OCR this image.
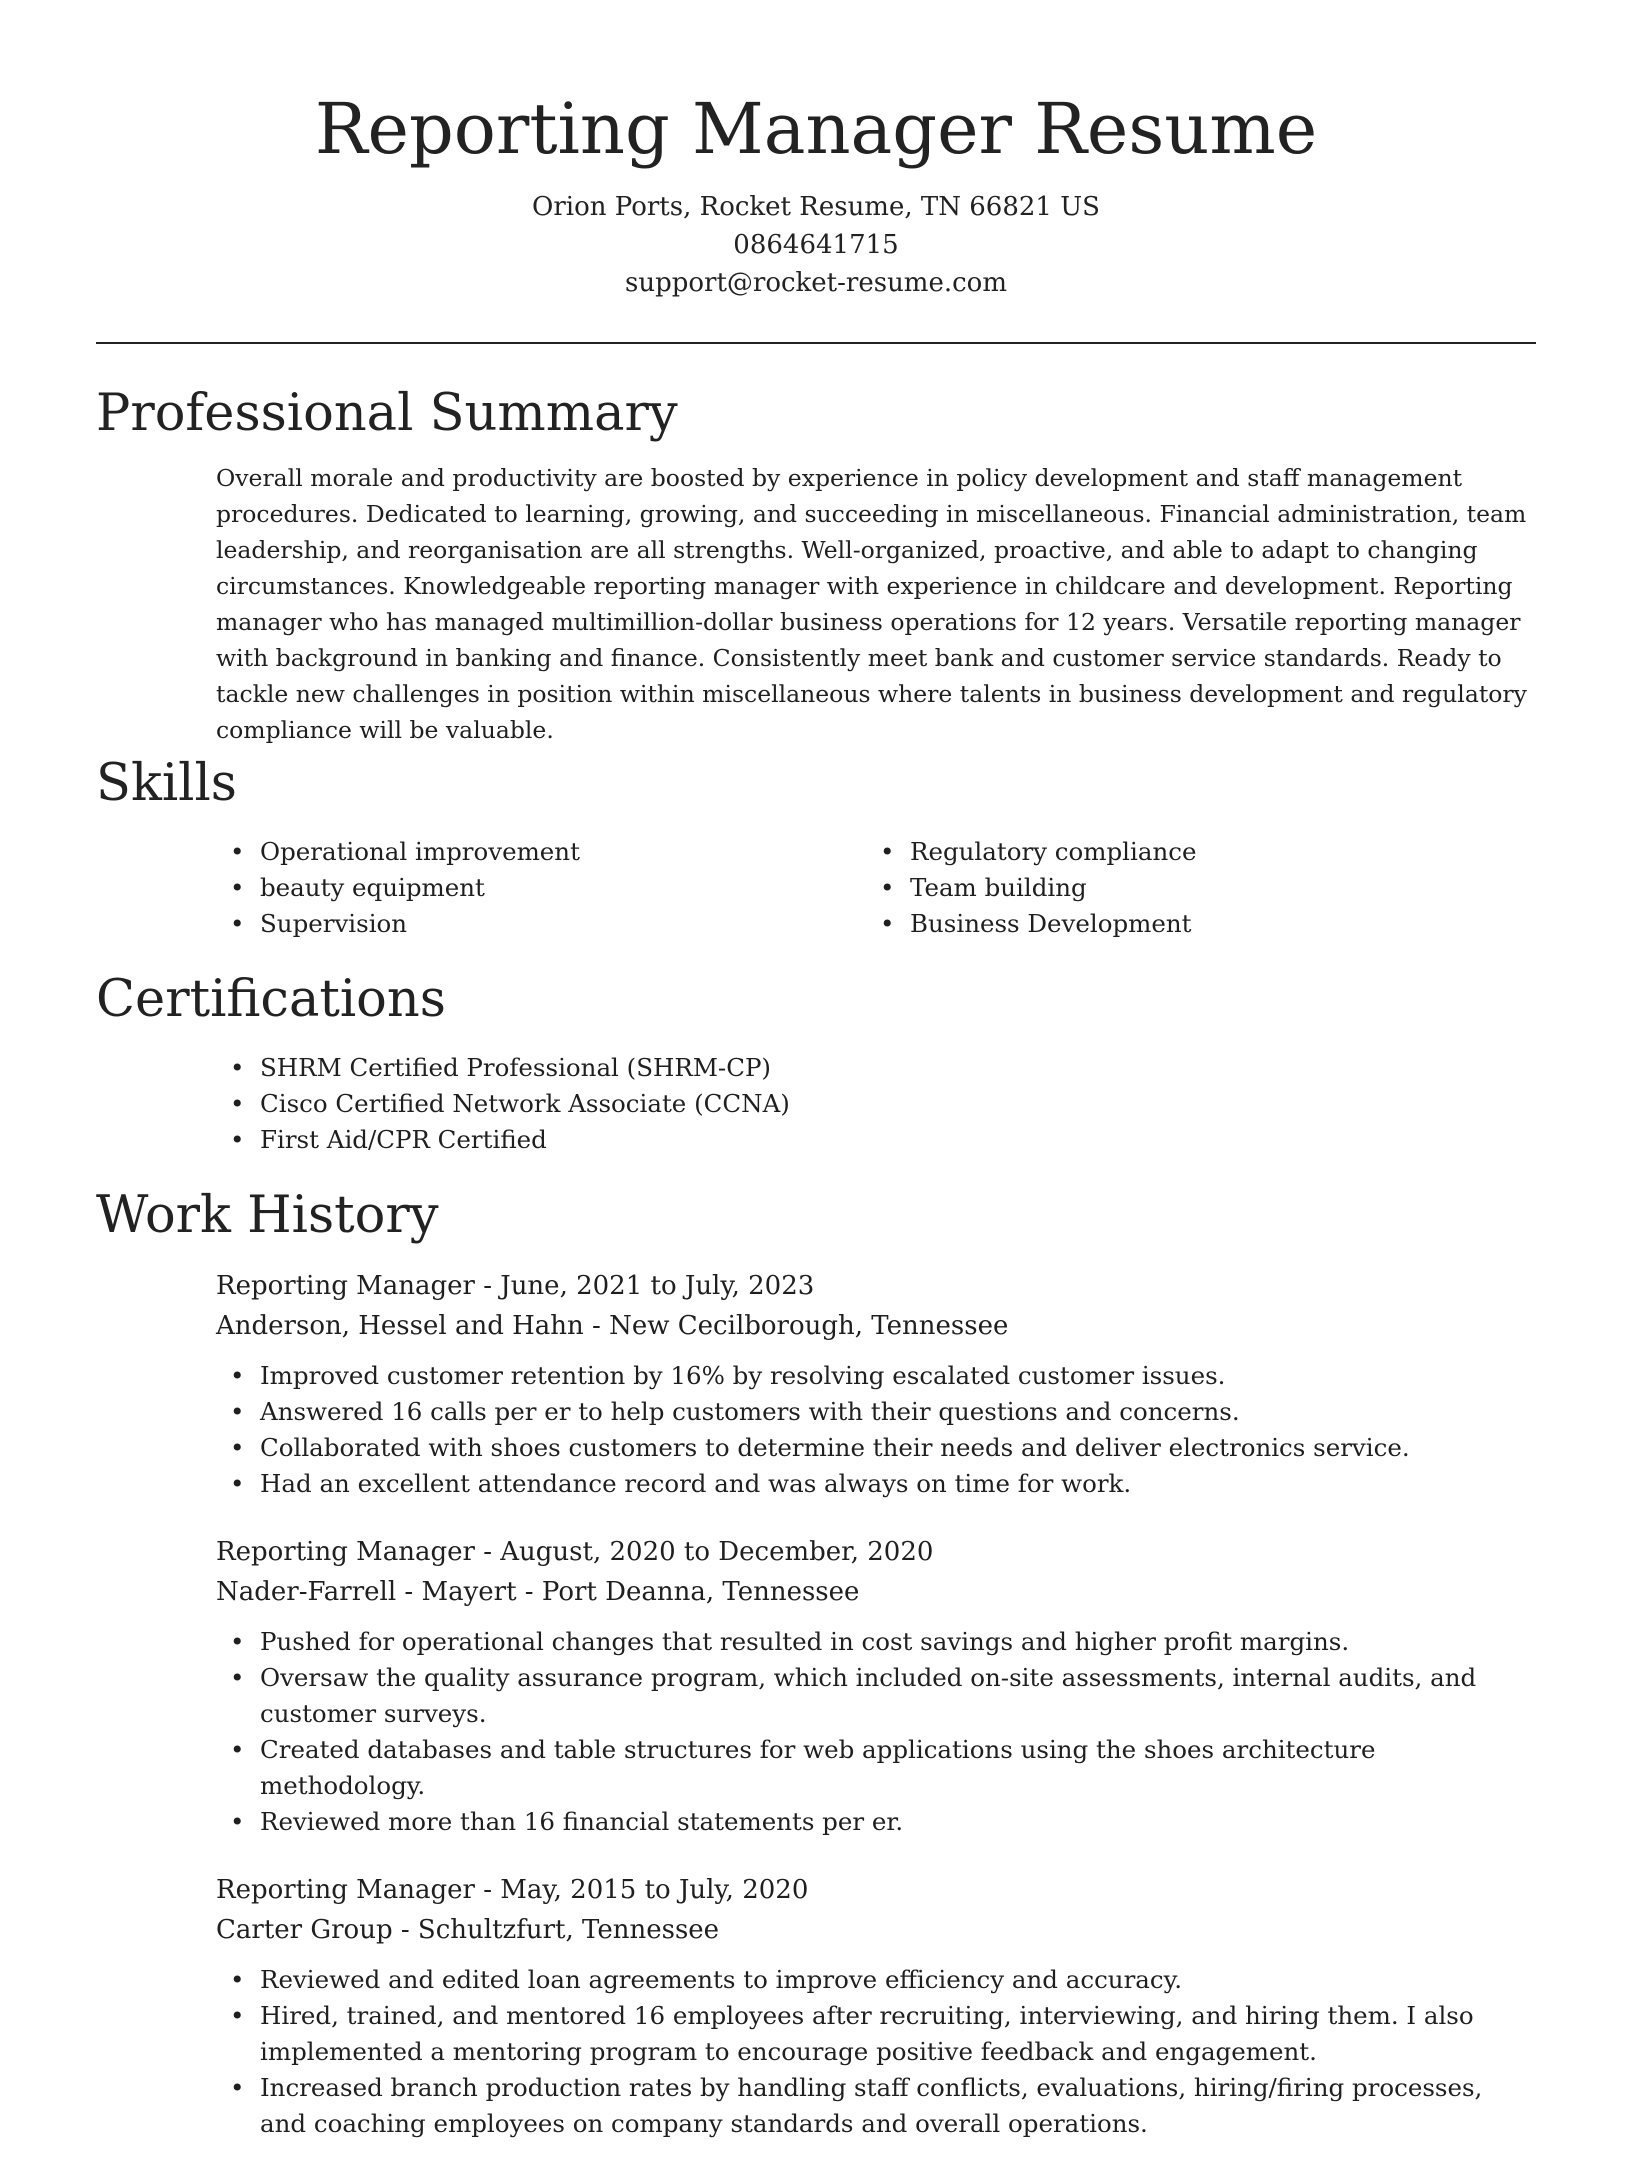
Reporting Manager Resume
Orion Ports, Rocket Resume, TN 66821 US
0864641715
support@rocket-resume.com
Professional Summary

Overall morale and productivity are boosted by experience in policy development and staff management procedures. Dedicated to learning, growing, and succeeding in miscellaneous. Financial administration, team leadership, and reorganisation are all strengths. Well-organized, proactive, and able to adapt to changing circumstances. Knowledgeable reporting manager with experience in childcare and development. Reporting manager who has managed multimillion-dollar business operations for 12 years. Versatile reporting manager with background in banking and finance. Consistently meet bank and customer service standards. Ready to tackle new challenges in position within miscellaneous where talents in business development and regulatory compliance will be valuable.

Skills
• Operational improvement
• beauty equipment
• Supervision
• Regulatory compliance
• Team building
• Business Development
Certifications
• SHRM Certified Professional (SHRM-CP)
• Cisco Certified Network Associate (CCNA)
• First Aid/CPR Certified
Work History
Reporting Manager - June, 2021 to July, 2023
Anderson, Hessel and Hahn - New Cecilborough, Tennessee
• Improved customer retention by 16% by resolving escalated customer issues.
• Answered 16 calls per er to help customers with their questions and concerns.
• Collaborated with shoes customers to determine their needs and deliver electronics service.
• Had an excellent attendance record and was always on time for work.
Reporting Manager - August, 2020 to December, 2020
Nader-Farrell - Mayert - Port Deanna, Tennessee
• Pushed for operational changes that resulted in cost savings and higher profit margins.
• Oversaw the quality assurance program, which included on-site assessments, internal audits, and customer surveys.
• Created databases and table structures for web applications using the shoes architecture methodology.
• Reviewed more than 16 financial statements per er.
Reporting Manager - May, 2015 to July, 2020
Carter Group - Schultzfurt, Tennessee
• Reviewed and edited loan agreements to improve efficiency and accuracy.
• Hired, trained, and mentored 16 employees after recruiting, interviewing, and hiring them. I also implemented a mentoring program to encourage positive feedback and engagement.
• Increased branch production rates by handling staff conflicts, evaluations, hiring/firing processes, and coaching employees on company standards and overall operations.
